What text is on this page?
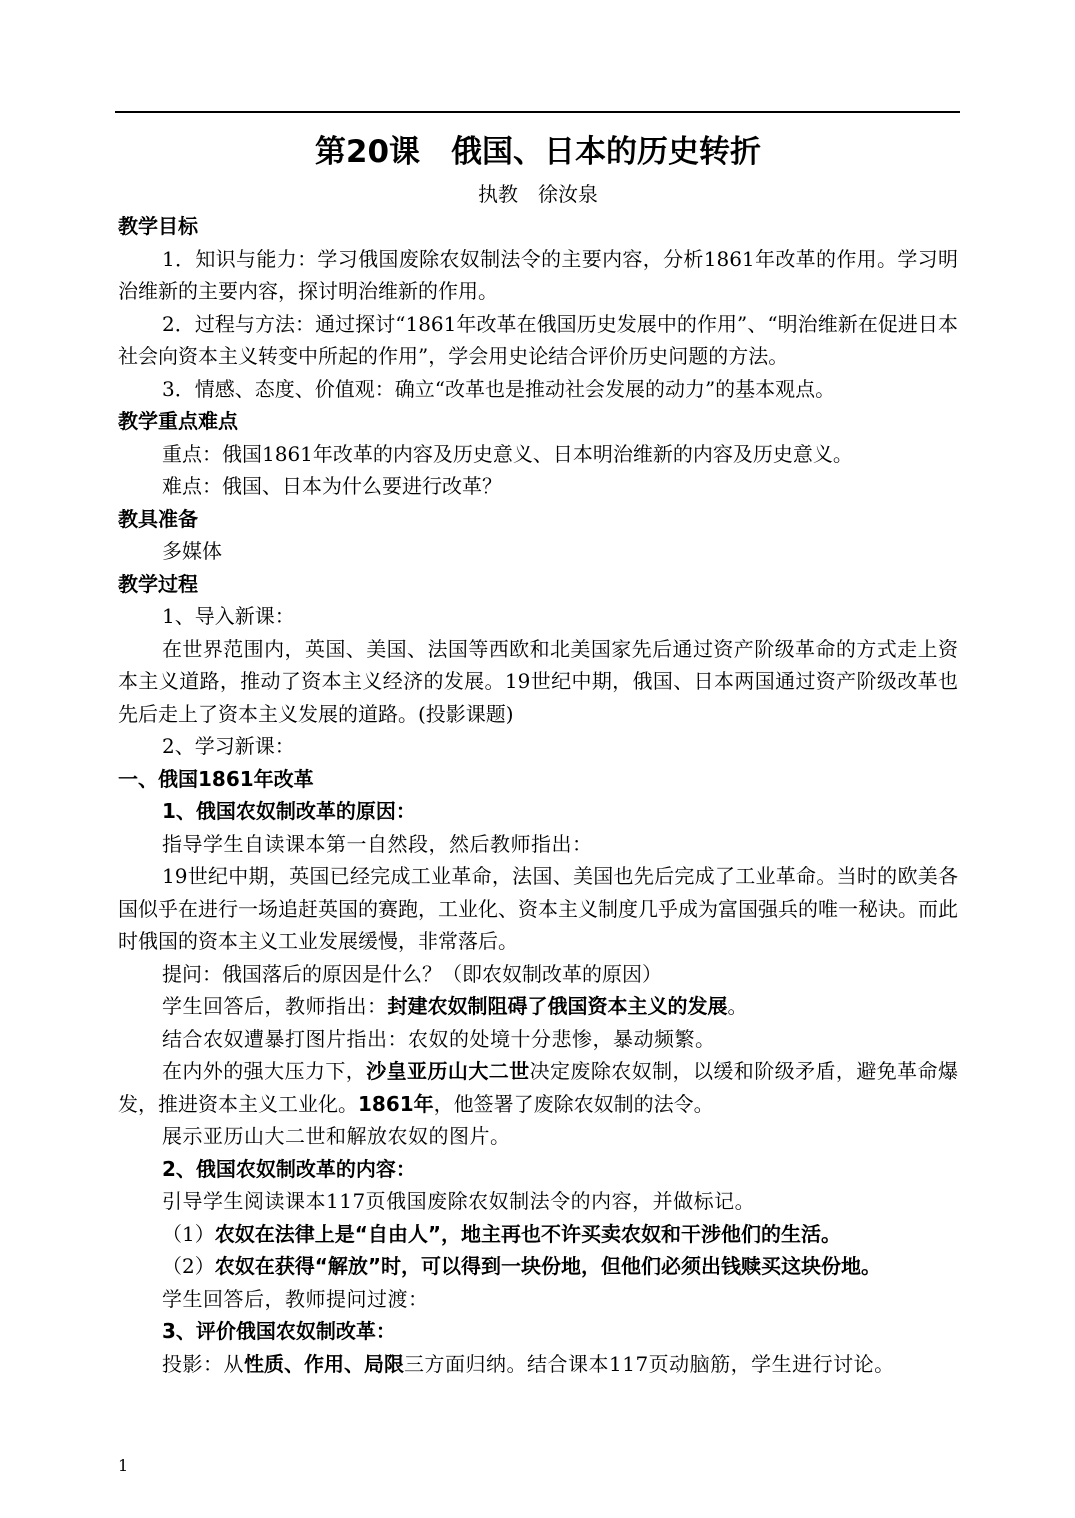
第20课　俄国、日本的历史转折

执教　徐汝泉

教学目标

1．知识与能力：学习俄国废除农奴制法令的主要内容，分析1861年改革的作用。学习明治维新的主要内容，探讨明治维新的作用。

2．过程与方法：通过探讨“1861年改革在俄国历史发展中的作用”、“明治维新在促进日本社会向资本主义转变中所起的作用”，学会用史论结合评价历史问题的方法。

3．情感、态度、价值观：确立“改革也是推动社会发展的动力”的基本观点。

教学重点难点

重点：俄国1861年改革的内容及历史意义、日本明治维新的内容及历史意义。

难点：俄国、日本为什么要进行改革？

教具准备

多媒体

教学过程

1、导入新课：

在世界范围内，英国、美国、法国等西欧和北美国家先后通过资产阶级革命的方式走上资本主义道路，推动了资本主义经济的发展。19世纪中期，俄国、日本两国通过资产阶级改革也先后走上了资本主义发展的道路。(投影课题)

2、学习新课：

一、俄国1861年改革

1、俄国农奴制改革的原因：

指导学生自读课本第一自然段，然后教师指出：

19世纪中期，英国已经完成工业革命，法国、美国也先后完成了工业革命。当时的欧美各国似乎在进行一场追赶英国的赛跑，工业化、资本主义制度几乎成为富国强兵的唯一秘诀。而此时俄国的资本主义工业发展缓慢，非常落后。

提问：俄国落后的原因是什么？（即农奴制改革的原因）

学生回答后，教师指出：封建农奴制阻碍了俄国资本主义的发展。

结合农奴遭暴打图片指出：农奴的处境十分悲惨，暴动频繁。

在内外的强大压力下，沙皇亚历山大二世决定废除农奴制，以缓和阶级矛盾，避免革命爆发，推进资本主义工业化。1861年，他签署了废除农奴制的法令。

展示亚历山大二世和解放农奴的图片。

2、俄国农奴制改革的内容：

引导学生阅读课本117页俄国废除农奴制法令的内容，并做标记。

（1）农奴在法律上是“自由人”，地主再也不许买卖农奴和干涉他们的生活。

（2）农奴在获得“解放”时，可以得到一块份地，但他们必须出钱赎买这块份地。

学生回答后，教师提问过渡：

3、评价俄国农奴制改革：

投影：从性质、作用、局限三方面归纳。结合课本117页动脑筋，学生进行讨论。

1
